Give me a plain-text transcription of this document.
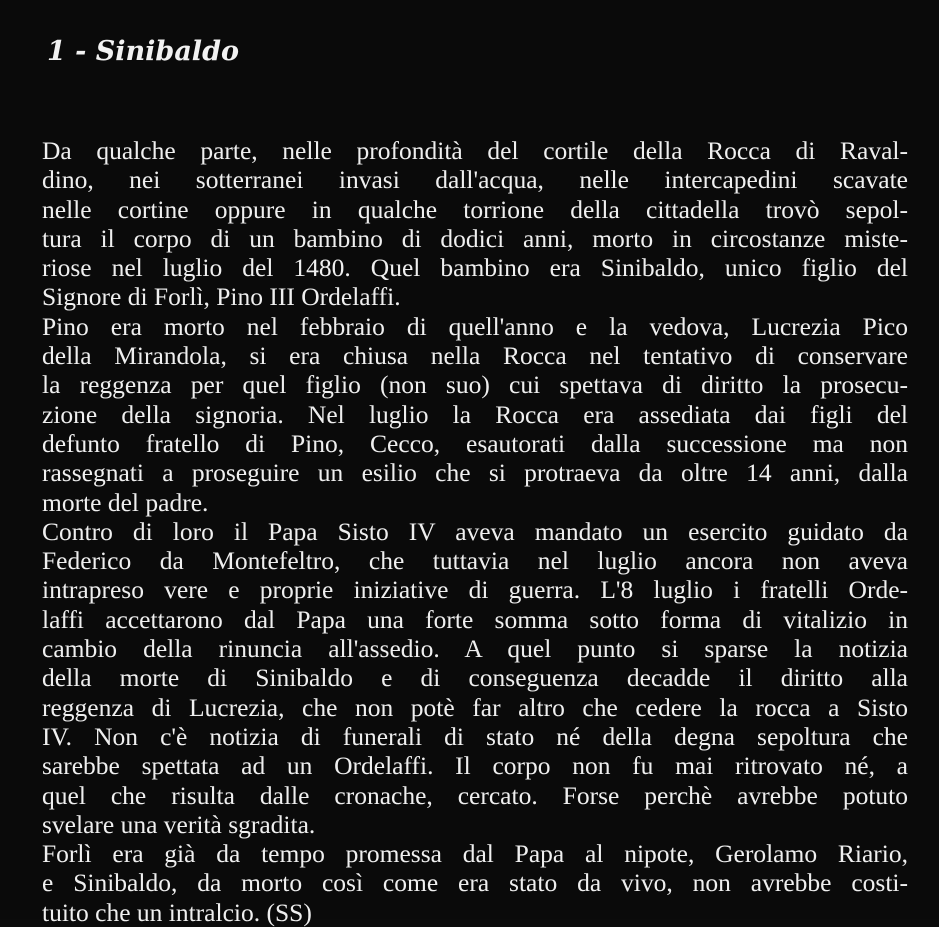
1 - Sinibaldo

Da qualche parte, nelle profondità del cortile della Rocca di Raval-
dino, nei sotterranei invasi dall'acqua, nelle intercapedini scavate
nelle cortine oppure in qualche torrione della cittadella trovò sepol-
tura il corpo di un bambino di dodici anni, morto in circostanze miste-
riose nel luglio del 1480. Quel bambino era Sinibaldo, unico figlio del
Signore di Forlì, Pino III Ordelaffi.

Pino era morto nel febbraio di quell'anno e la vedova, Lucrezia Pico
della Mirandola, si era chiusa nella Rocca nel tentativo di conservare
la reggenza per quel figlio (non suo) cui spettava di diritto la prosecu-
zione della signoria. Nel luglio la Rocca era assediata dai figli del
defunto fratello di Pino, Cecco, esautorati dalla successione ma non
rassegnati a proseguire un esilio che si protraeva da oltre 14 anni, dalla
morte del padre.

Contro di loro il Papa Sisto IV aveva mandato un esercito guidato da
Federico da Montefeltro, che tuttavia nel luglio ancora non aveva
intrapreso vere e proprie iniziative di guerra. L'8 luglio i fratelli Orde-
laffi accettarono dal Papa una forte somma sotto forma di vitalizio in
cambio della rinuncia all'assedio. A quel punto si sparse la notizia
della morte di Sinibaldo e di conseguenza decadde il diritto alla
reggenza di Lucrezia, che non potè far altro che cedere la rocca a Sisto
IV. Non c'è notizia di funerali di stato né della degna sepoltura che
sarebbe spettata ad un Ordelaffi. Il corpo non fu mai ritrovato né, a
quel che risulta dalle cronache, cercato. Forse perchè avrebbe potuto
svelare una verità sgradita.

Forlì era già da tempo promessa dal Papa al nipote, Gerolamo Riario,
e Sinibaldo, da morto così come era stato da vivo, non avrebbe costi-
tuito che un intralcio. (SS)
